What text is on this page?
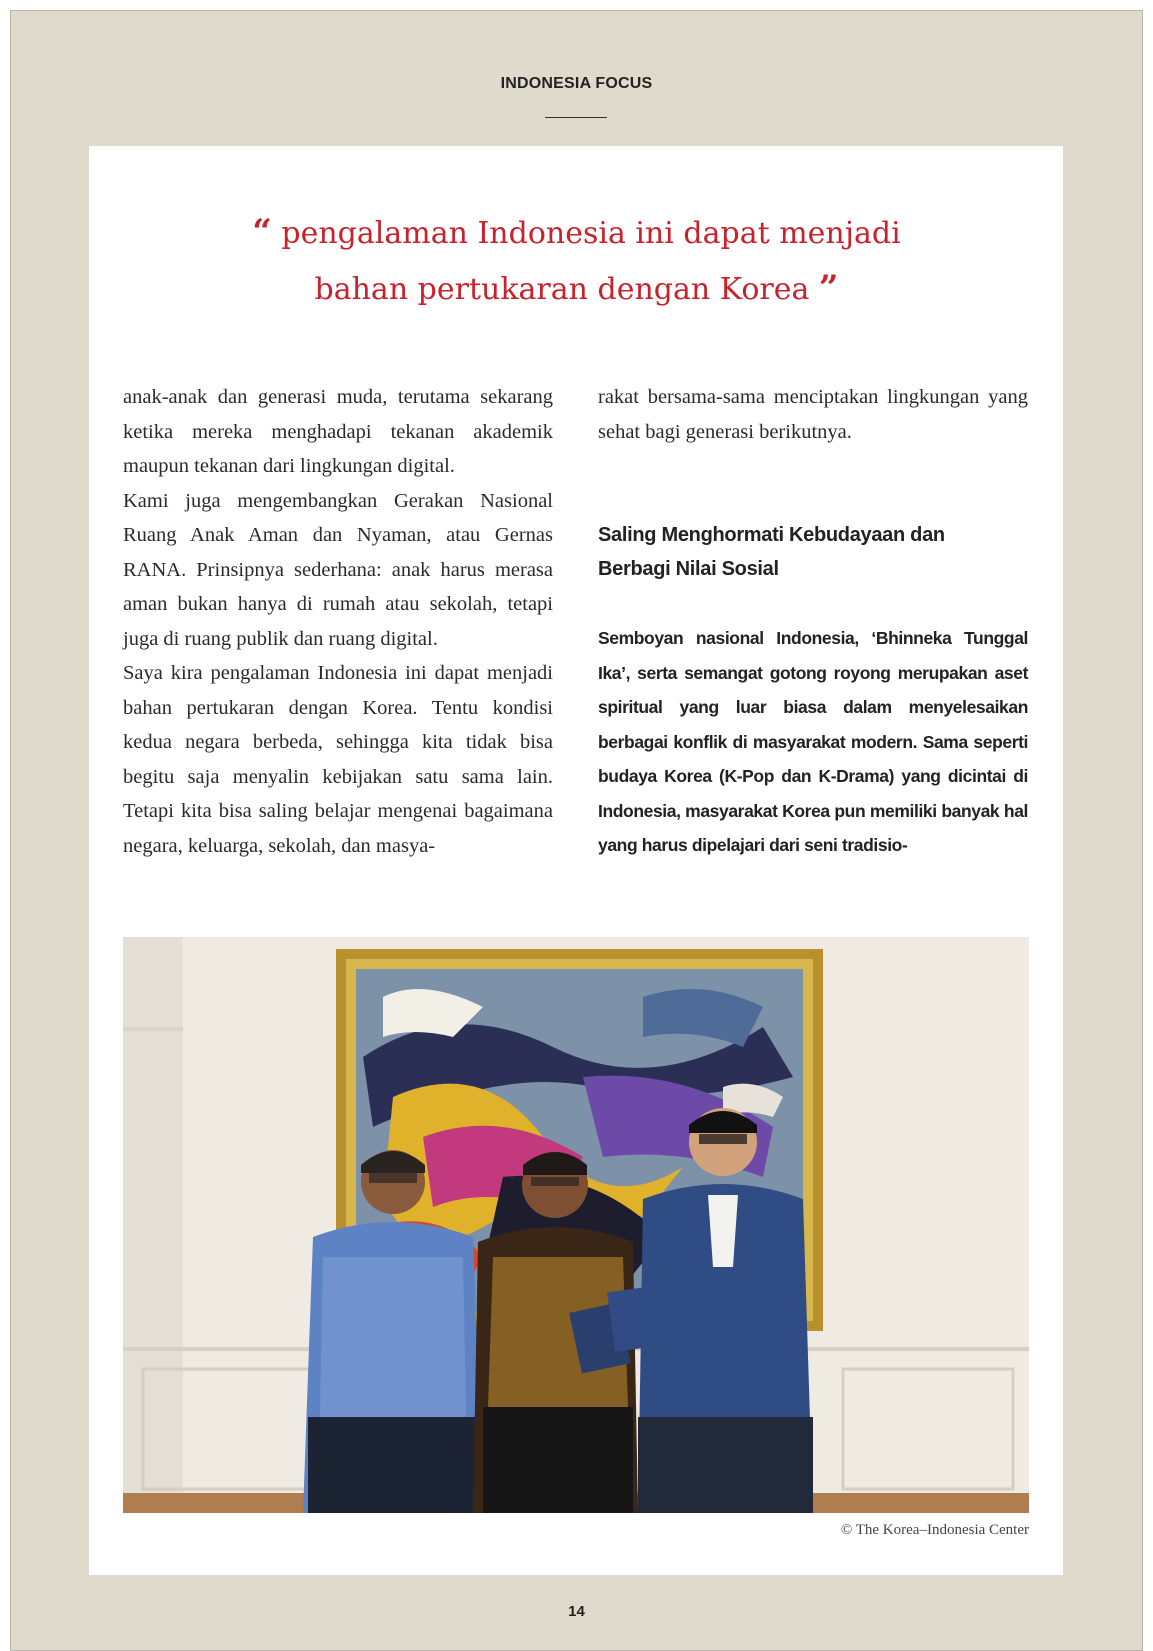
INDONESIA FOCUS
“ pengalaman Indonesia ini dapat menjadi
bahan pertukaran dengan Korea ”

anak-anak dan generasi muda, terutama sekarang ketika mereka menghadapi tekanan akademik maupun tekanan dari lingkungan digital.

Kami juga mengembangkan Gerakan Nasional Ruang Anak Aman dan Nyaman, atau Gernas RANA. Prinsipnya sederhana: anak harus merasa aman bukan hanya di rumah atau sekolah, tetapi juga di ruang publik dan ruang digital.

Saya kira pengalaman Indonesia ini dapat menjadi bahan pertukaran dengan Korea. Tentu kondisi kedua negara berbeda, sehingga kita tidak bisa begitu saja menyalin kebijakan satu sama lain. Tetapi kita bisa saling belajar mengenai bagaimana negara, keluarga, sekolah, dan masya-

rakat bersama-sama menciptakan lingkungan yang sehat bagi generasi berikutnya.

Saling Menghormati Kebudayaan dan
Berbagi Nilai Sosial
Semboyan nasional Indonesia, ‘Bhinneka Tunggal Ika’, serta semangat gotong royong merupakan aset spiritual yang luar biasa dalam menyelesaikan berbagai konflik di masyarakat modern. Sama seperti budaya Korea (K-Pop dan K-Drama) yang dicintai di Indonesia, masyarakat Korea pun memiliki banyak hal yang harus dipelajari dari seni tradisio-
© The Korea–Indonesia Center
14
